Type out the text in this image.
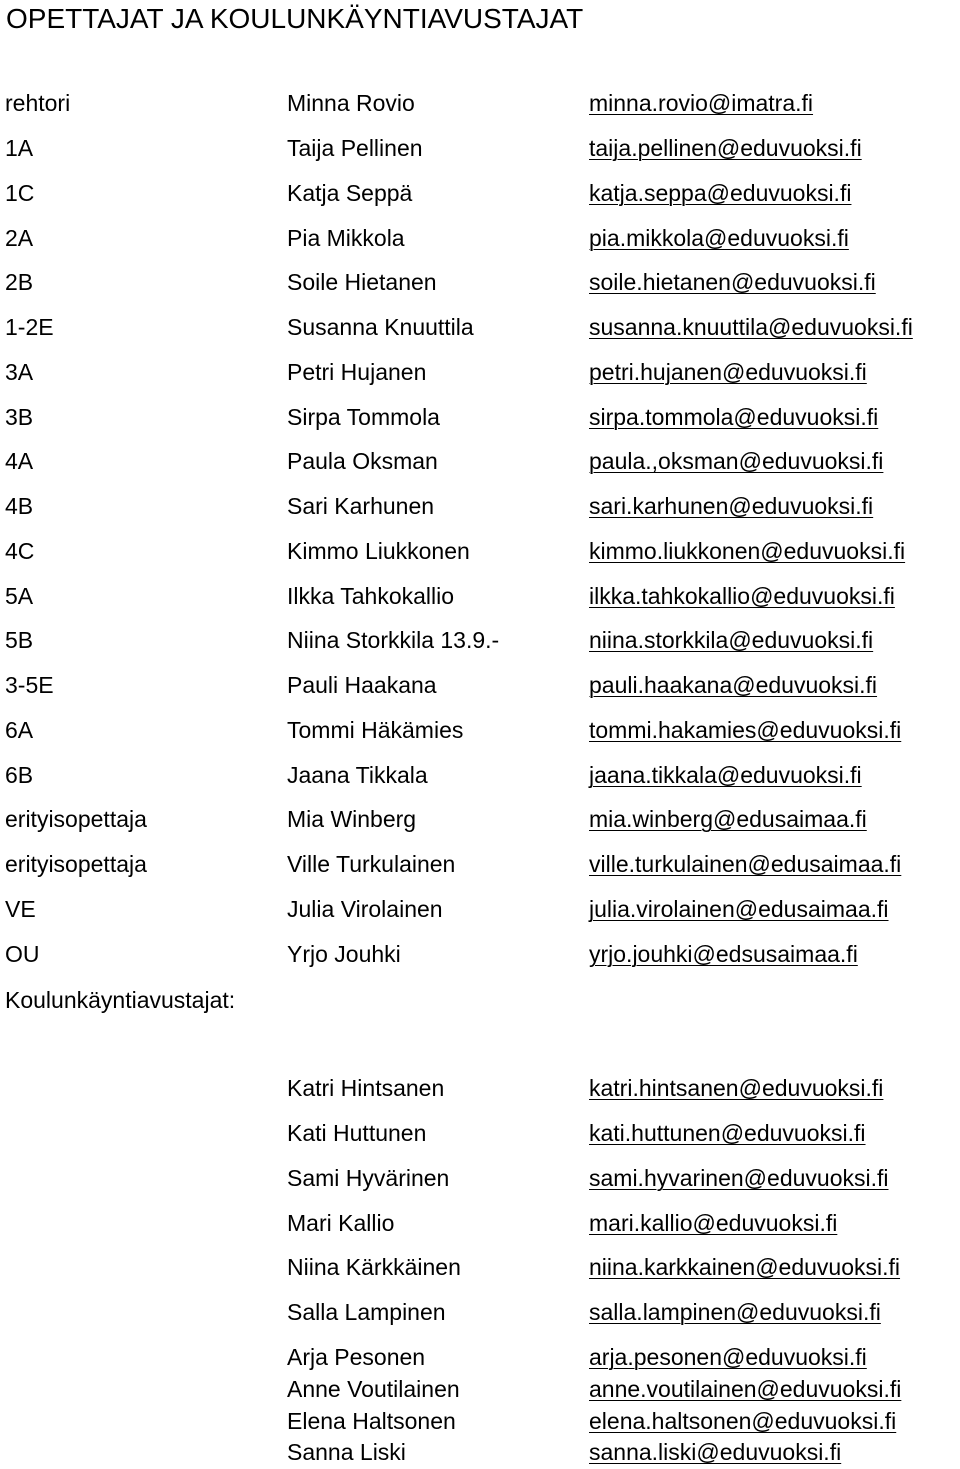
OPETTAJAT JA KOULUNKÄYNTIAVUSTAJAT
rehtori	Minna Rovio	minna.rovio@imatra.fi
1A	Taija Pellinen	taija.pellinen@eduvuoksi.fi
1C	Katja Seppä	katja.seppa@eduvuoksi.fi
2A	Pia Mikkola	pia.mikkola@eduvuoksi.fi
2B	Soile Hietanen	soile.hietanen@eduvuoksi.fi
1-2E	Susanna Knuuttila	susanna.knuuttila@eduvuoksi.fi
3A	Petri Hujanen	petri.hujanen@eduvuoksi.fi
3B	Sirpa Tommola	sirpa.tommola@eduvuoksi.fi
4A	Paula Oksman	paula.,oksman@eduvuoksi.fi
4B	Sari Karhunen	sari.karhunen@eduvuoksi.fi
4C	Kimmo Liukkonen	kimmo.liukkonen@eduvuoksi.fi
5A	Ilkka Tahkokallio	ilkka.tahkokallio@eduvuoksi.fi
5B	Niina Storkkila 13.9.-	niina.storkkila@eduvuoksi.fi
3-5E	Pauli Haakana	pauli.haakana@eduvuoksi.fi
6A	Tommi Häkämies	tommi.hakamies@eduvuoksi.fi
6B	Jaana Tikkala	jaana.tikkala@eduvuoksi.fi
erityisopettaja	Mia Winberg	mia.winberg@edusaimaa.fi
erityisopettaja	Ville Turkulainen	ville.turkulainen@edusaimaa.fi
VE	Julia Virolainen	julia.virolainen@edusaimaa.fi
OU	Yrjo Jouhki	yrjo.jouhki@edsusaimaa.fi
Koulunkäyntiavustajat:
Katri Hintsanen	katri.hintsanen@eduvuoksi.fi
Kati Huttunen	kati.huttunen@eduvuoksi.fi
Sami Hyvärinen	sami.hyvarinen@eduvuoksi.fi
Mari Kallio	mari.kallio@eduvuoksi.fi
Niina Kärkkäinen	niina.karkkainen@eduvuoksi.fi
Salla Lampinen	salla.lampinen@eduvuoksi.fi
Arja Pesonen	arja.pesonen@eduvuoksi.fi
Anne Voutilainen	anne.voutilainen@eduvuoksi.fi
Elena Haltsonen	elena.haltsonen@eduvuoksi.fi
Sanna Liski	sanna.liski@eduvuoksi.fi
